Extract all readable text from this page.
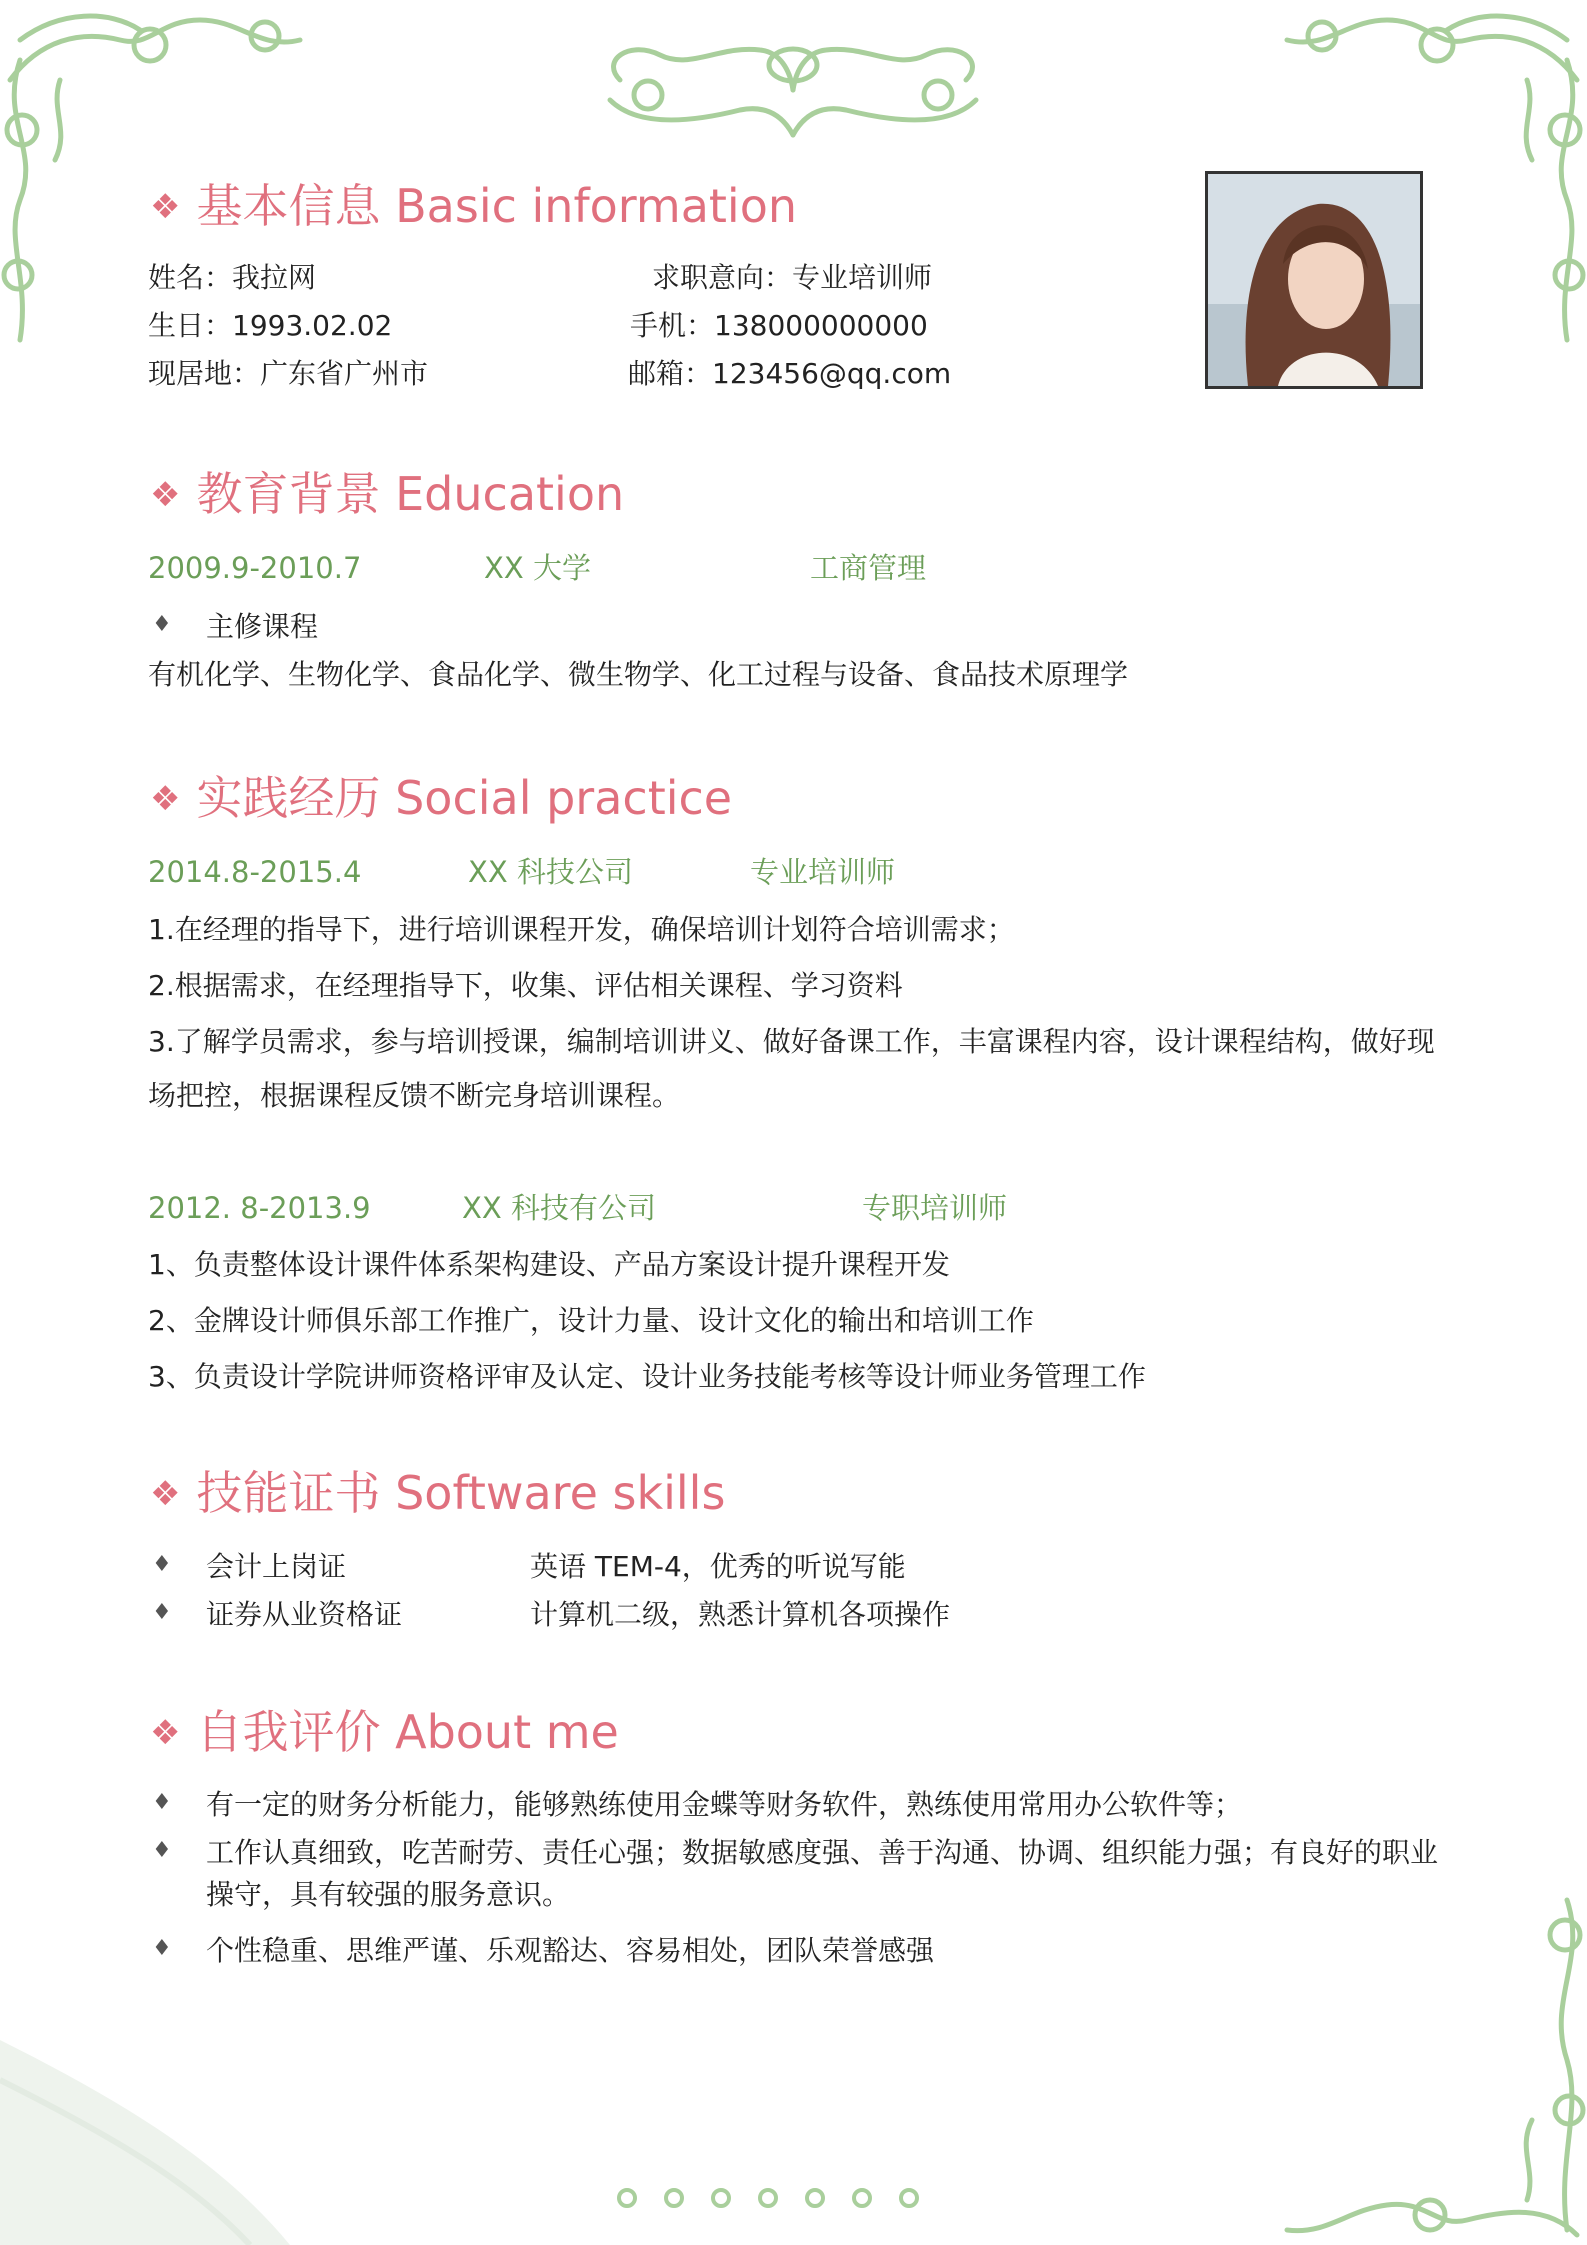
❖ 基本信息 Basic information
姓名：我拉网	求职意向：专业培训师
生日：1993.02.02	手机：138000000000
现居地：广东省广州市	邮箱：123456@qq.com
❖ 教育背景 Education
2009.9-2010.7	XX 大学	工商管理
♦ 主修课程
有机化学、生物化学、食品化学、微生物学、化工过程与设备、食品技术原理学
❖ 实践经历 Social practice
2014.8-2015.4	XX 科技公司	专业培训师
1.在经理的指导下，进行培训课程开发，确保培训计划符合培训需求；
2.根据需求，在经理指导下，收集、评估相关课程、学习资料
3.了解学员需求，参与培训授课，编制培训讲义、做好备课工作，丰富课程内容，设计课程结构，做好现
场把控，根据课程反馈不断完身培训课程。
2012. 8-2013.9	XX 科技有公司	专职培训师
1、负责整体设计课件体系架构建设、产品方案设计提升课程开发
2、金牌设计师俱乐部工作推广，设计力量、设计文化的输出和培训工作
3、负责设计学院讲师资格评审及认定、设计业务技能考核等设计师业务管理工作
❖ 技能证书 Software skills
♦ 会计上岗证	英语 TEM-4，优秀的听说写能
♦ 证券从业资格证	计算机二级，熟悉计算机各项操作
❖ 自我评价 About me
♦ 有一定的财务分析能力，能够熟练使用金蝶等财务软件，熟练使用常用办公软件等；
♦ 工作认真细致，吃苦耐劳、责任心强；数据敏感度强、善于沟通、协调、组织能力强；有良好的职业
操守，具有较强的服务意识。
♦ 个性稳重、思维严谨、乐观豁达、容易相处，团队荣誉感强
